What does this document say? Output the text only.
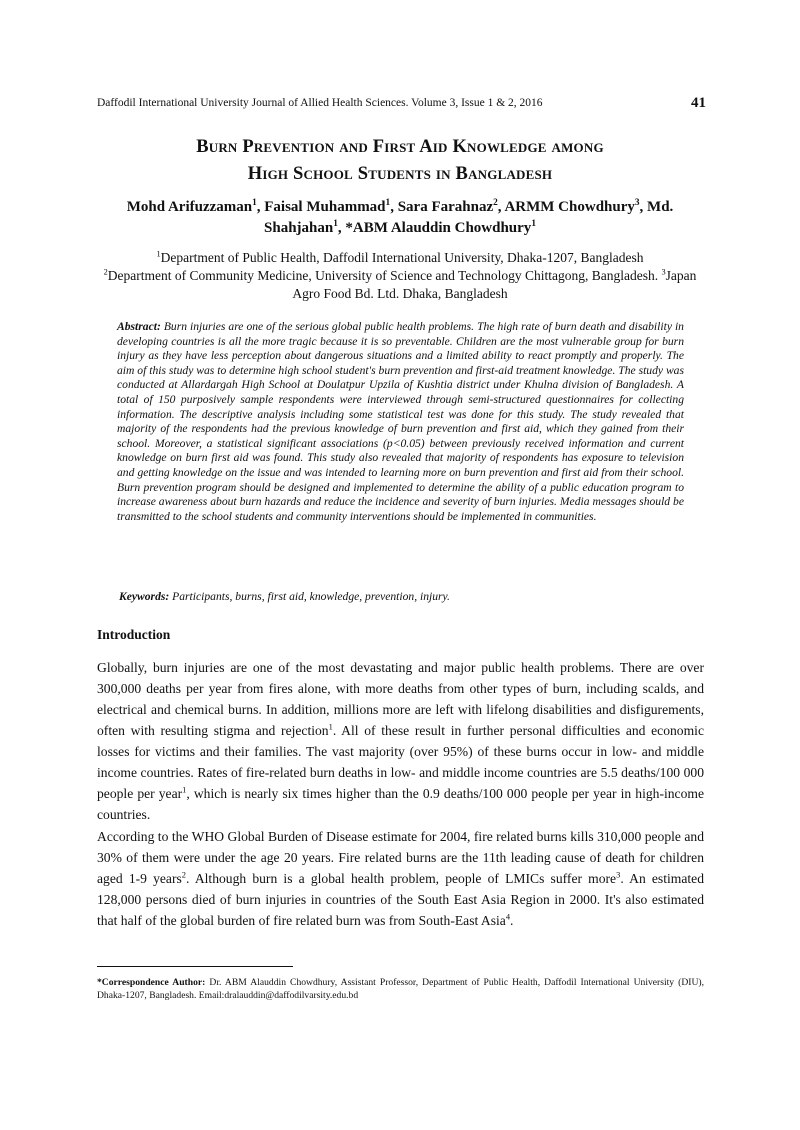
Daffodil International University Journal of Allied Health Sciences. Volume 3, Issue 1 & 2, 2016	41
Burn Prevention and First Aid Knowledge among
High School Students in Bangladesh
Mohd Arifuzzaman$^1$, Faisal Muhammad$^1$, Sara Farahnaz$^2$, ARMM Chowdhury$^3$, Md. Shahjahan$^1$, *ABM Alauddin Chowdhury$^1$
$^1$Department of Public Health, Daffodil International University, Dhaka-1207, Bangladesh
$^2$Department of Community Medicine, University of Science and Technology Chittagong, Bangladesh. $^3$Japan Agro Food Bd. Ltd. Dhaka, Bangladesh
Abstract: Burn injuries are one of the serious global public health problems. The high rate of burn death and disability in developing countries is all the more tragic because it is so preventable. Children are the most vulnerable group for burn injury as they have less perception about dangerous situations and a limited ability to react promptly and properly. The aim of this study was to determine high school student's burn prevention and first-aid treatment knowledge. The study was conducted at Allardargah High School at Doulatpur Upzila of Kushtia district under Khulna division of Bangladesh. A total of 150 purposively sample respondents were interviewed through semi-structured questionnaires for collecting information. The descriptive analysis including some statistical test was done for this study. The study revealed that majority of the respondents had the previous knowledge of burn prevention and first aid, which they gained from their school. Moreover, a statistical significant associations (p<0.05) between previously received information and current knowledge on burn first aid was found. This study also revealed that majority of respondents has exposure to television and getting knowledge on the issue and was intended to learning more on burn prevention and first aid from their school. Burn prevention program should be designed and implemented to determine the ability of a public education program to increase awareness about burn hazards and reduce the incidence and severity of burn injuries. Media messages should be transmitted to the school students and community interventions should be implemented in communities.
Keywords: Participants, burns, first aid, knowledge, prevention, injury.
Introduction
Globally, burn injuries are one of the most devastating and major public health problems. There are over 300,000 deaths per year from fires alone, with more deaths from other types of burn, including scalds, and electrical and chemical burns. In addition, millions more are left with lifelong disabilities and disfigurements, often with resulting stigma and rejection$^1$. All of these result in further personal difficulties and economic losses for victims and their families. The vast majority (over 95%) of these burns occur in low- and middle income countries. Rates of fire-related burn deaths in low- and middle income countries are 5.5 deaths/100 000 people per year$^1$, which is nearly six times higher than the 0.9 deaths/100 000 people per year in high-income countries.
According to the WHO Global Burden of Disease estimate for 2004, fire related burns kills 310,000 people and 30% of them were under the age 20 years. Fire related burns are the 11th leading cause of death for children aged 1-9 years$^2$. Although burn is a global health problem, people of LMICs suffer more$^3$. An estimated 128,000 persons died of burn injuries in countries of the South East Asia Region in 2000. It's also estimated that half of the global burden of fire related burn was from South-East Asia$^4$.
*Correspondence Author: Dr. ABM Alauddin Chowdhury, Assistant Professor, Department of Public Health, Daffodil International University (DIU), Dhaka-1207, Bangladesh. Email:dralauddin@daffodilvarsity.edu.bd
